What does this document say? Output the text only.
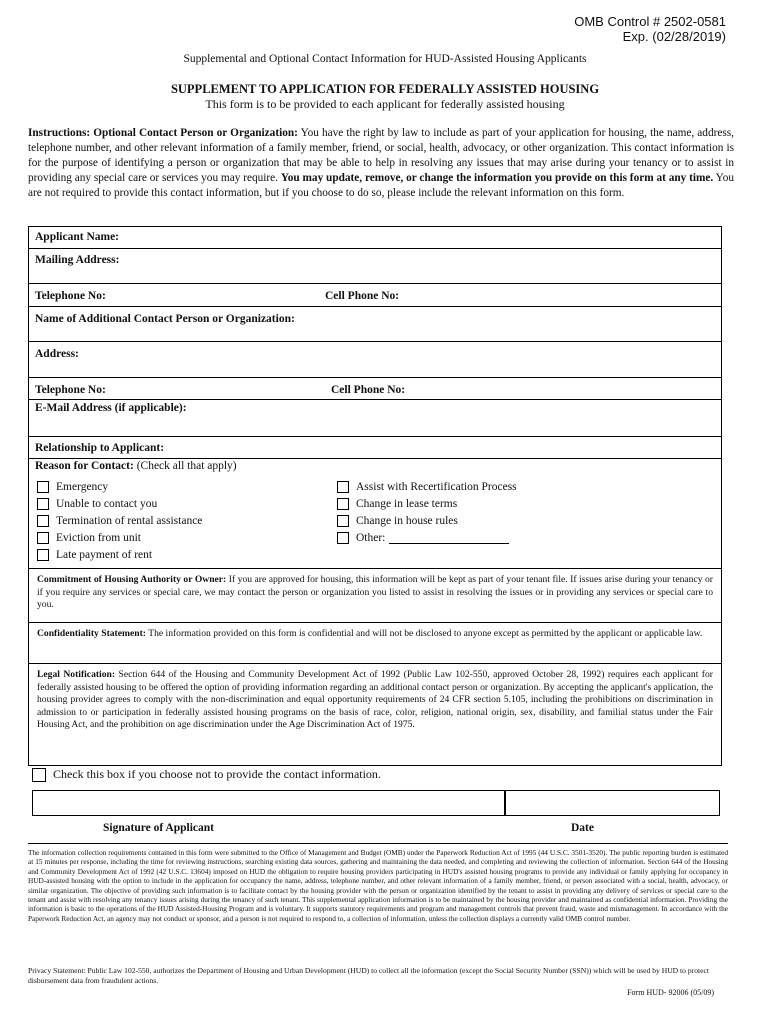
OMB Control # 2502-0581
Exp. (02/28/2019)
Supplemental and Optional Contact Information for HUD-Assisted Housing Applicants
SUPPLEMENT TO APPLICATION FOR FEDERALLY ASSISTED HOUSING
This form is to be provided to each applicant for federally assisted housing
Instructions: Optional Contact Person or Organization: You have the right by law to include as part of your application for housing, the name, address, telephone number, and other relevant information of a family member, friend, or social, health, advocacy, or other organization. This contact information is for the purpose of identifying a person or organization that may be able to help in resolving any issues that may arise during your tenancy or to assist in providing any special care or services you may require. You may update, remove, or change the information you provide on this form at any time. You are not required to provide this contact information, but if you choose to do so, please include the relevant information on this form.
Applicant Name:
Mailing Address:
Telephone No:	Cell Phone No:
Name of Additional Contact Person or Organization:
Address:
Telephone No:	Cell Phone No:
E-Mail Address (if applicable):
Relationship to Applicant:
Reason for Contact: (Check all that apply)
Emergency
Unable to contact you
Termination of rental assistance
Eviction from unit
Late payment of rent
Assist with Recertification Process
Change in lease terms
Change in house rules
Other:
Commitment of Housing Authority or Owner: If you are approved for housing, this information will be kept as part of your tenant file. If issues arise during your tenancy or if you require any services or special care, we may contact the person or organization you listed to assist in resolving the issues or in providing any services or special care to you.
Confidentiality Statement: The information provided on this form is confidential and will not be disclosed to anyone except as permitted by the applicant or applicable law.
Legal Notification: Section 644 of the Housing and Community Development Act of 1992 (Public Law 102-550, approved October 28, 1992) requires each applicant for federally assisted housing to be offered the option of providing information regarding an additional contact person or organization. By accepting the applicant's application, the housing provider agrees to comply with the non-discrimination and equal opportunity requirements of 24 CFR section 5.105, including the prohibitions on discrimination in admission to or participation in federally assisted housing programs on the basis of race, color, religion, national origin, sex, disability, and familial status under the Fair Housing Act, and the prohibition on age discrimination under the Age Discrimination Act of 1975.
Check this box if you choose not to provide the contact information.
Signature of Applicant	Date
The information collection requirements contained in this form were submitted to the Office of Management and Budget (OMB) under the Paperwork Reduction Act of 1995 (44 U.S.C. 3501-3520). The public reporting burden is estimated at 15 minutes per response, including the time for reviewing instructions, searching existing data sources, gathering and maintaining the data needed, and completing and reviewing the collection of information. Section 644 of the Housing and Community Development Act of 1992 (42 U.S.C. 13604) imposed on HUD the obligation to require housing providers participating in HUD's assisted housing programs to provide any individual or family applying for occupancy in HUD-assisted housing with the option to include in the application for occupancy the name, address, telephone number, and other relevant information of a family member, friend, or person associated with a social, health, advocacy, or similar organization. The objective of providing such information is to facilitate contact by the housing provider with the person or organization identified by the tenant to assist in providing any delivery of services or special care to the tenant and assist with resolving any tenancy issues arising during the tenancy of such tenant. This supplemental application information is to be maintained by the housing provider and maintained as confidential information. Providing the information is basic to the operations of the HUD Assisted-Housing Program and is voluntary. It supports statutory requirements and program and management controls that prevent fraud, waste and mismanagement. In accordance with the Paperwork Reduction Act, an agency may not conduct or sponsor, and a person is not required to respond to, a collection of information, unless the collection displays a currently valid OMB control number.
Privacy Statement: Public Law 102-550, authorizes the Department of Housing and Urban Development (HUD) to collect all the information (except the Social Security Number (SSN)) which will be used by HUD to protect disbursement data from fraudulent actions.
Form HUD- 92006 (05/09)
